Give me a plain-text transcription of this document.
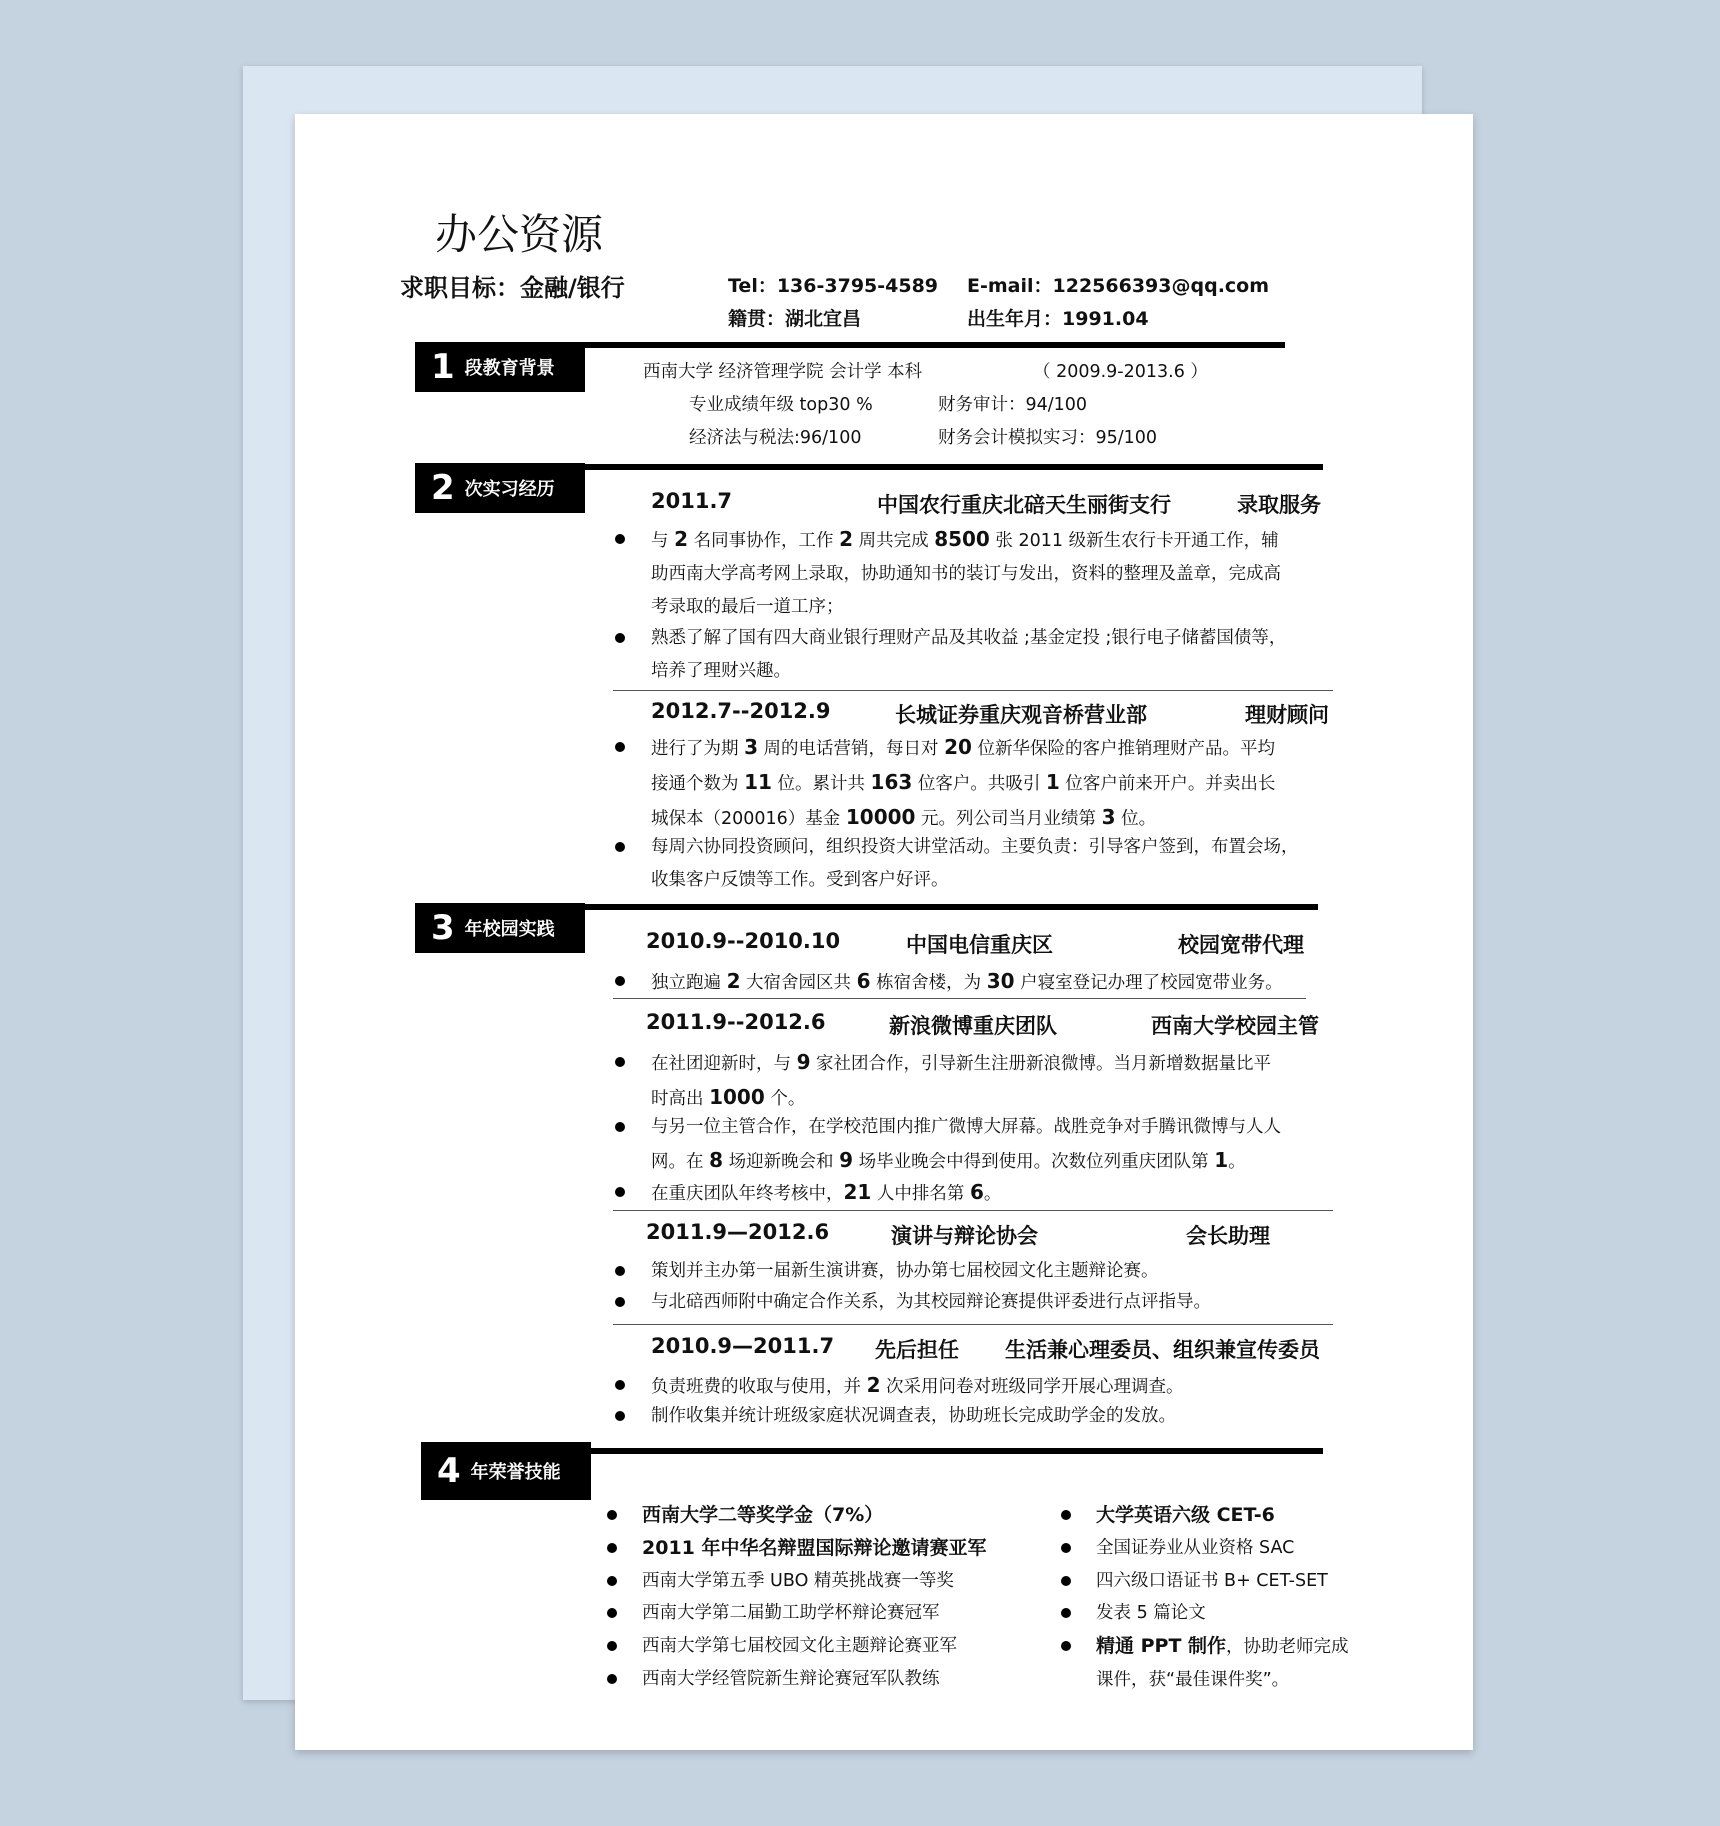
办公资源
求职目标：金融/银行	Tel：136-3795-4589 E-mail：122566393@qq.com
籍贯：湖北宜昌	出生年月：1991.04
1 段教育背景	西南大学 经济管理学院 会计学 本科	（ 2009.9-2013.6 ）
专业成绩年级 top30 %	财务审计：94/100
经济法与税法:96/100	财务会计模拟实习：95/100
2 次实习经历	2011.7	中国农行重庆北碚天生丽街支行	录取服务
与 2 名同事协作，工作 2 周共完成 8500 张 2011 级新生农行卡开通工作，辅
助西南大学高考网上录取，协助通知书的装订与发出，资料的整理及盖章，完成高
考录取的最后一道工序；
熟悉了解了国有四大商业银行理财产品及其收益 ;基金定投 ;银行电子储蓄国债等，
培养了理财兴趣。
2012.7--2012.9	长城证券重庆观音桥营业部	理财顾问
进行了为期 3 周的电话营销，每日对 20 位新华保险的客户推销理财产品。平均
接通个数为 11 位。累计共 163 位客户。共吸引 1 位客户前来开户。并卖出长
城保本（200016）基金 10000 元。列公司当月业绩第 3 位。
每周六协同投资顾问，组织投资大讲堂活动。主要负责：引导客户签到，布置会场，
收集客户反馈等工作。受到客户好评。
3 年校园实践	2010.9--2010.10	中国电信重庆区	校园宽带代理
独立跑遍 2 大宿舍园区共 6 栋宿舍楼，为 30 户寝室登记办理了校园宽带业务。
2011.9--2012.6	新浪微博重庆团队	西南大学校园主管
在社团迎新时，与 9 家社团合作，引导新生注册新浪微博。当月新增数据量比平
时高出 1000 个。
与另一位主管合作，在学校范围内推广微博大屏幕。战胜竞争对手腾讯微博与人人
网。在 8 场迎新晚会和 9 场毕业晚会中得到使用。次数位列重庆团队第 1。
在重庆团队年终考核中，21 人中排名第 6。
2011.9—2012.6	演讲与辩论协会	会长助理
策划并主办第一届新生演讲赛，协办第七届校园文化主题辩论赛。
与北碚西师附中确定合作关系，为其校园辩论赛提供评委进行点评指导。
2010.9—2011.7 先后担任 生活兼心理委员、组织兼宣传委员
负责班费的收取与使用，并 2 次采用问卷对班级同学开展心理调查。
制作收集并统计班级家庭状况调查表，协助班长完成助学金的发放。
4 年荣誉技能
西南大学二等奖学金（7%）
2011 年中华名辩盟国际辩论邀请赛亚军
西南大学第五季 UBO 精英挑战赛一等奖
西南大学第二届勤工助学杯辩论赛冠军
西南大学第七届校园文化主题辩论赛亚军
西南大学经管院新生辩论赛冠军队教练
大学英语六级 CET-6
全国证券业从业资格 SAC
四六级口语证书 B+ CET-SET
发表 5 篇论文
精通 PPT 制作，协助老师完成
课件，获“最佳课件奖”。
